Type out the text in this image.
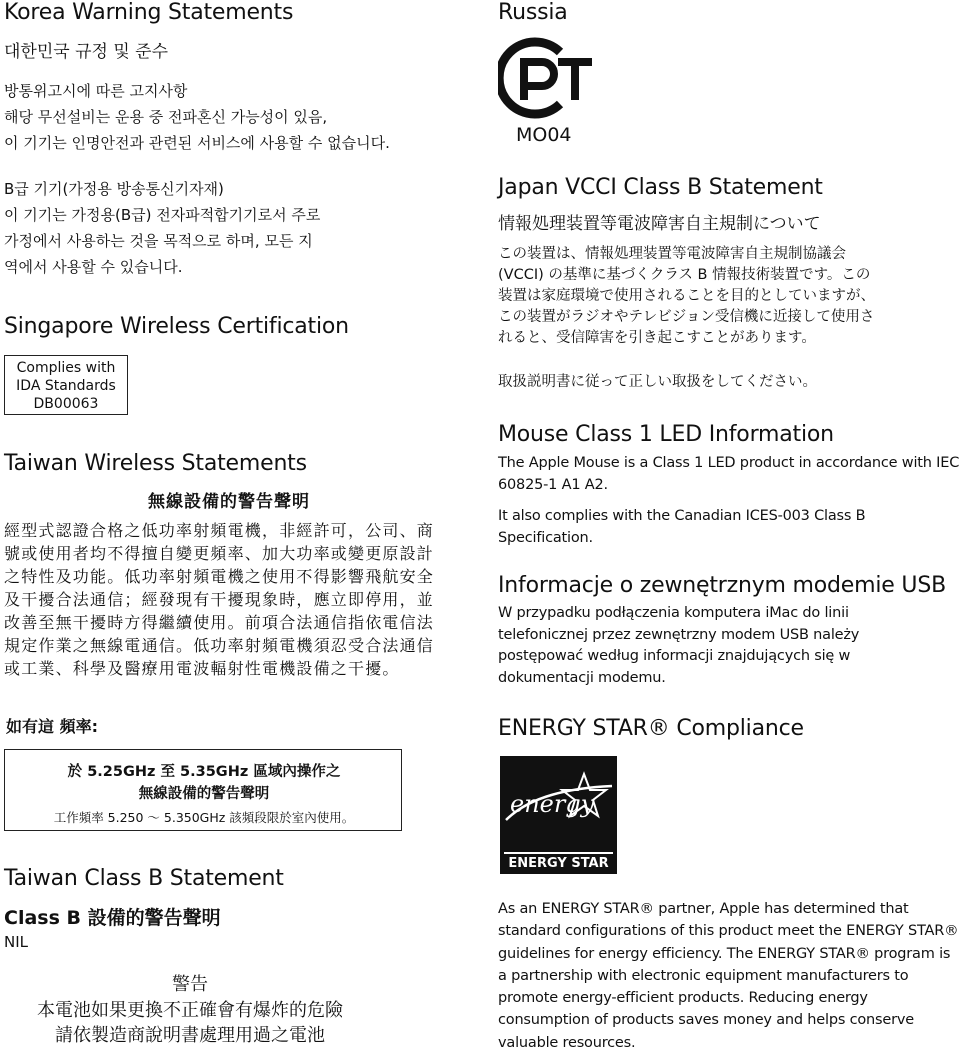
Korea Warning Statements
대한민국 규정 및 준수
방통위고시에 따른 고지사항
해당 무선설비는 운용 중 전파혼신 가능성이 있음,
이 기기는 인명안전과 관련된 서비스에 사용할 수 없습니다.
B급 기기(가정용 방송통신기자재)
이 기기는 가정용(B급) 전자파적합기기로서 주로
가정에서 사용하는 것을 목적으로 하며, 모든 지
역에서 사용할 수 있습니다.
Singapore Wireless Certification
Complies with
IDA Standards
DB00063
Taiwan Wireless Statements
無線設備的警告聲明
經型式認證合格之低功率射頻電機，非經許可，公司、商號或使用者均不得擅自變更頻率、加大功率或變更原設計之特性及功能。低功率射頻電機之使用不得影響飛航安全及干擾合法通信；經發現有干擾現象時，應立即停用，並改善至無干擾時方得繼續使用。前項合法通信指依電信法規定作業之無線電通信。低功率射頻電機須忍受合法通信或工業、科學及醫療用電波輻射性電機設備之干擾。
如有這 頻率:
於 5.25GHz 至 5.35GHz 區域內操作之
無線設備的警告聲明
工作頻率 5.250 ～ 5.350GHz 該頻段限於室內使用。
Taiwan Class B Statement
Class B 設備的警告聲明
NIL
警告
本電池如果更換不正確會有爆炸的危險
請依製造商說明書處理用過之電池
Russia
MO04
Japan VCCI Class B Statement
情報処理装置等電波障害自主規制について
この装置は、情報処理装置等電波障害自主規制協議会 (VCCI) の基準に基づくクラス B 情報技術装置です。この装置は家庭環境で使用されることを目的としていますが、この装置がラジオやテレビジョン受信機に近接して使用されると、受信障害を引き起こすことがあります。
取扱説明書に従って正しい取扱をしてください。
Mouse Class 1 LED Information
The Apple Mouse is a Class 1 LED product in accordance with IEC 60825-1 A1 A2.
It also complies with the Canadian ICES-003 Class B Specification.
Informacje o zewnętrznym modemie USB
W przypadku podłączenia komputera iMac do linii telefonicznej przez zewnętrzny modem USB należy postępować według informacji znajdujących się w dokumentacji modemu.
ENERGY STAR® Compliance
energy
ENERGY STAR
As an ENERGY STAR® partner, Apple has determined that standard configurations of this product meet the ENERGY STAR® guidelines for energy efficiency. The ENERGY STAR® program is a partnership with electronic equipment manufacturers to promote energy-efficient products. Reducing energy consumption of products saves money and helps conserve valuable resources.
